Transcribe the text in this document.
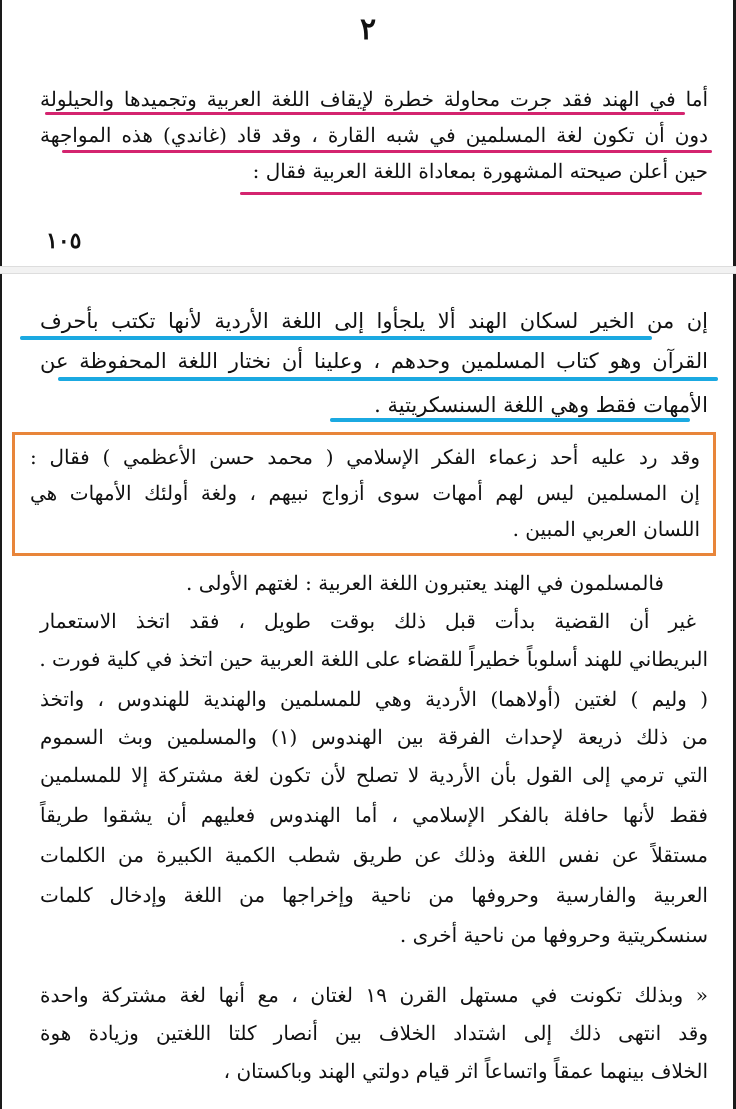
٢
أما في الهند فقد جرت محاولة خطرة لإيقاف اللغة العربية وتجميدها والحيلولة
دون أن تكون لغة المسلمين في شبه القارة ، وقد قاد (غاندي) هذه المواجهة
حين أعلن صيحته المشهورة بمعاداة اللغة العربية فقال :
١٠٥
إن من الخير لسكان الهند ألا يلجأوا إلى اللغة الأردية لأنها تكتب بأحرف
القرآن وهو كتاب المسلمين وحدهم ، وعلينا أن نختار اللغة المحفوظة عن
الأمهات فقط وهي اللغة السنسكريتية .
وقد رد عليه أحد زعماء الفكر الإسلامي ( محمد حسن الأعظمي ) فقال :
إن المسلمين ليس لهم أمهات سوى أزواج نبيهم ، ولغة أولئك الأمهات هي
اللسان العربي المبين .
فالمسلمون في الهند يعتبرون اللغة العربية : لغتهم الأولى .
غير أن القضية بدأت قبل ذلك بوقت طويل ، فقد اتخذ الاستعمار
البريطاني للهند أسلوباً خطيراً للقضاء على اللغة العربية حين اتخذ في كلية فورت .
( وليم ) لغتين (أولاهما) الأردية وهي للمسلمين والهندية للهندوس ، واتخذ
من ذلك ذريعة لإحداث الفرقة بين الهندوس (١) والمسلمين وبث السموم
التي ترمي إلى القول بأن الأردية لا تصلح لأن تكون لغة مشتركة إلا للمسلمين
فقط لأنها حافلة بالفكر الإسلامي ، أما الهندوس فعليهم أن يشقوا طريقاً
مستقلاً عن نفس اللغة وذلك عن طريق شطب الكمية الكبيرة من الكلمات
العربية والفارسية وحروفها من ناحية وإخراجها من اللغة وإدخال كلمات
سنسكريتية وحروفها من ناحية أخرى .
« وبذلك تكونت في مستهل القرن ١٩ لغتان ، مع أنها لغة مشتركة واحدة
وقد انتهى ذلك إلى اشتداد الخلاف بين أنصار كلتا اللغتين وزيادة هوة
الخلاف بينهما عمقاً واتساعاً اثر قيام دولتي الهند وباكستان ،
